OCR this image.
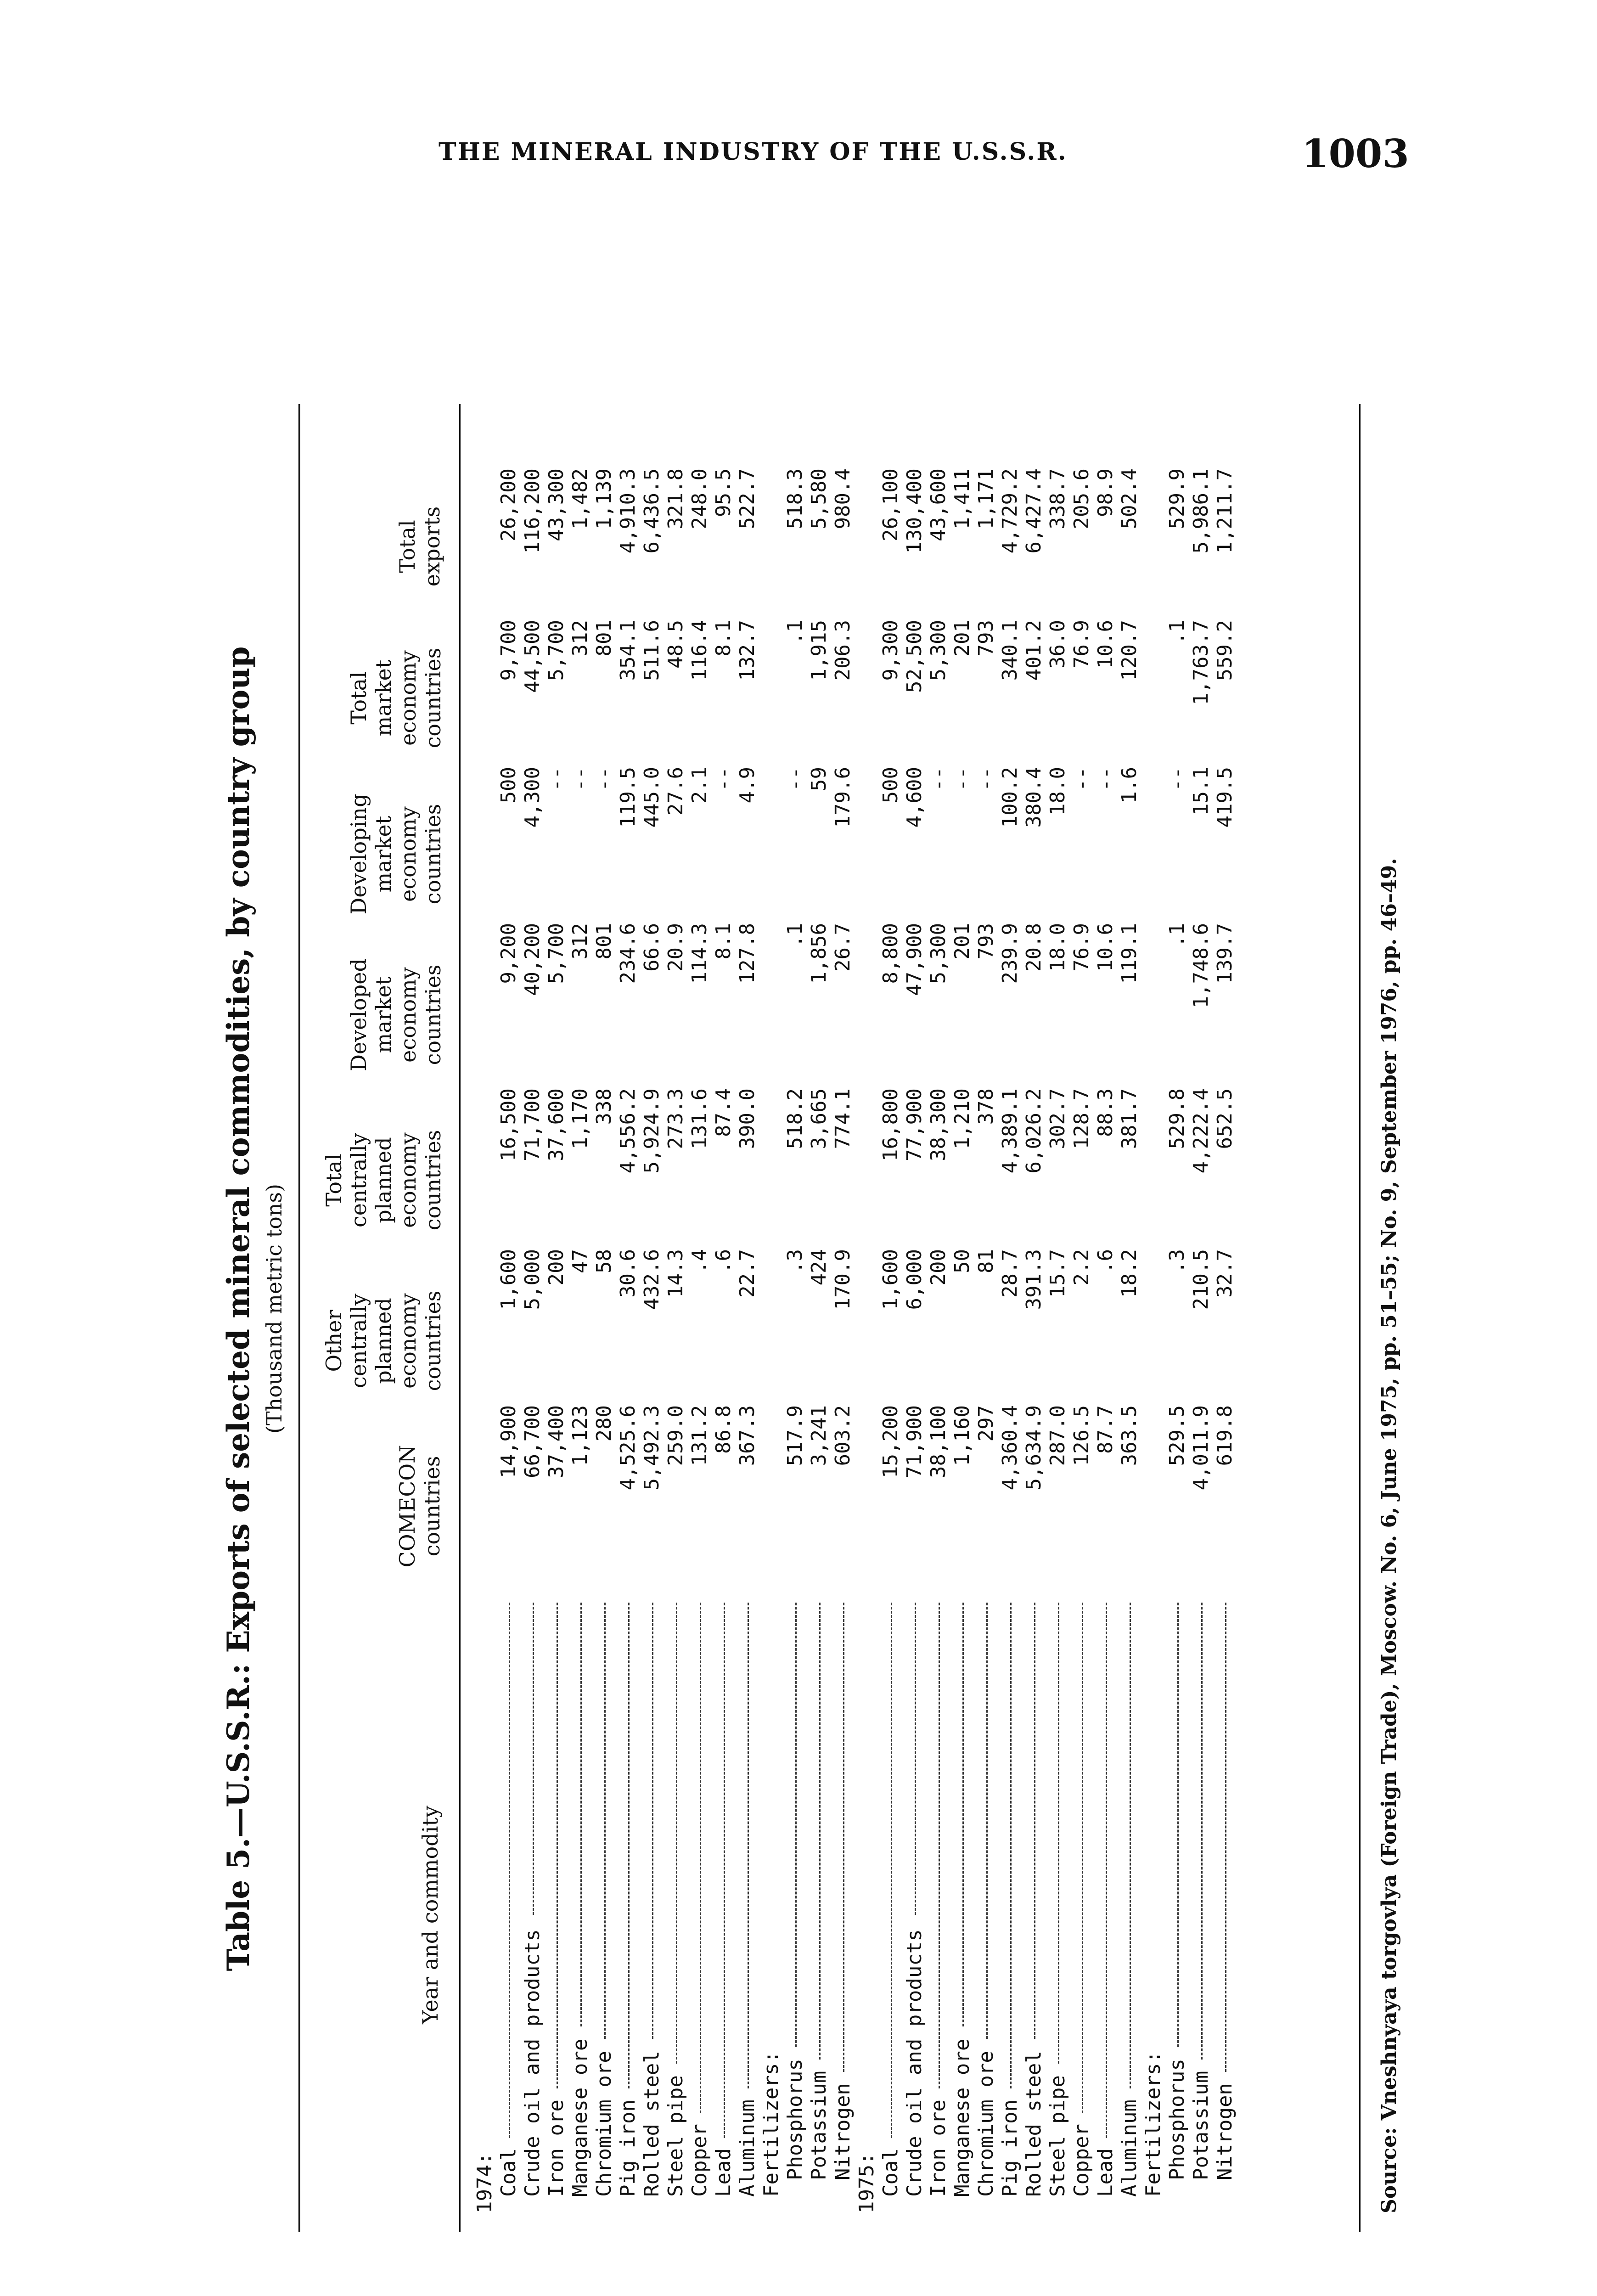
THE MINERAL INDUSTRY OF THE U.S.S.R.	1003
Table 5.—U.S.S.R.: Exports of selected mineral commodities, by country group (Thousand metric tons)
Year and commodity
COMECON
countries
Other
centrally
planned
economy
countries
Total
centrally
planned
economy
countries
Developed
market
economy
countries
Developing
market
economy
countries
Total
market
economy
countries
Total
exports
1974: Coal
14,900
1,600
16,500
9,200
500
9,700
26,200
Crude oil and products
66,700
5,000
71,700
40,200
4,300
44,500
116,200
Iron ore
37,400
200
37,600
5,700
--
5,700
43,300
Manganese ore
1,123
47
1,170
312
--
312
1,482
Chromium ore
280
58
338
801
--
801
1,139
Pig iron
4,525.6
30.6
4,556.2
234.6
119.5
354.1
4,910.3
Rolled steel
5,492.3
432.6
5,924.9
66.6
445.0
511.6
6,436.5
Steel pipe
259.0
14.3
273.3
20.9
27.6
48.5
321.8
Copper
131.2
.4
131.6
114.3
2.1
116.4
248.0
Lead
86.8
.6
87.4
8.1
--
8.1
95.5
Aluminum
367.3
22.7
390.0
127.8
4.9
132.7
522.7
Fertilizers: Phosphorus
517.9
.3
518.2
.1
--
.1
518.3
Potassium
3,241
424
3,665
1,856
59
1,915
5,580
Nitrogen
603.2
170.9
774.1
26.7
179.6
206.3
980.4
1975: Coal
15,200
1,600
16,800
8,800
500
9,300
26,100
Crude oil and products
71,900
6,000
77,900
47,900
4,600
52,500
130,400
Iron ore
38,100
200
38,300
5,300
--
5,300
43,600
Manganese ore
1,160
50
1,210
201
--
201
1,411
Chromium ore
297
81
378
793
--
793
1,171
Pig iron
4,360.4
28.7
4,389.1
239.9
100.2
340.1
4,729.2
Rolled steel
5,634.9
391.3
6,026.2
20.8
380.4
401.2
6,427.4
Steel pipe
287.0
15.7
302.7
18.0
18.0
36.0
338.7
Copper
126.5
2.2
128.7
76.9
--
76.9
205.6
Lead
87.7
.6
88.3
10.6
--
10.6
98.9
Aluminum
363.5
18.2
381.7
119.1
1.6
120.7
502.4
Fertilizers: Phosphorus
529.5
.3
529.8
.1
--
.1
529.9
Potassium
4,011.9
210.5
4,222.4
1,748.6
15.1
1,763.7
5,986.1
Nitrogen
619.8
32.7
652.5
139.7
419.5
559.2
1,211.7
Source: Vneshnyaya torgovlya (Foreign Trade), Moscow. No. 6, June 1975, pp. 51–55; No. 9, September 1976, pp. 46–49.
